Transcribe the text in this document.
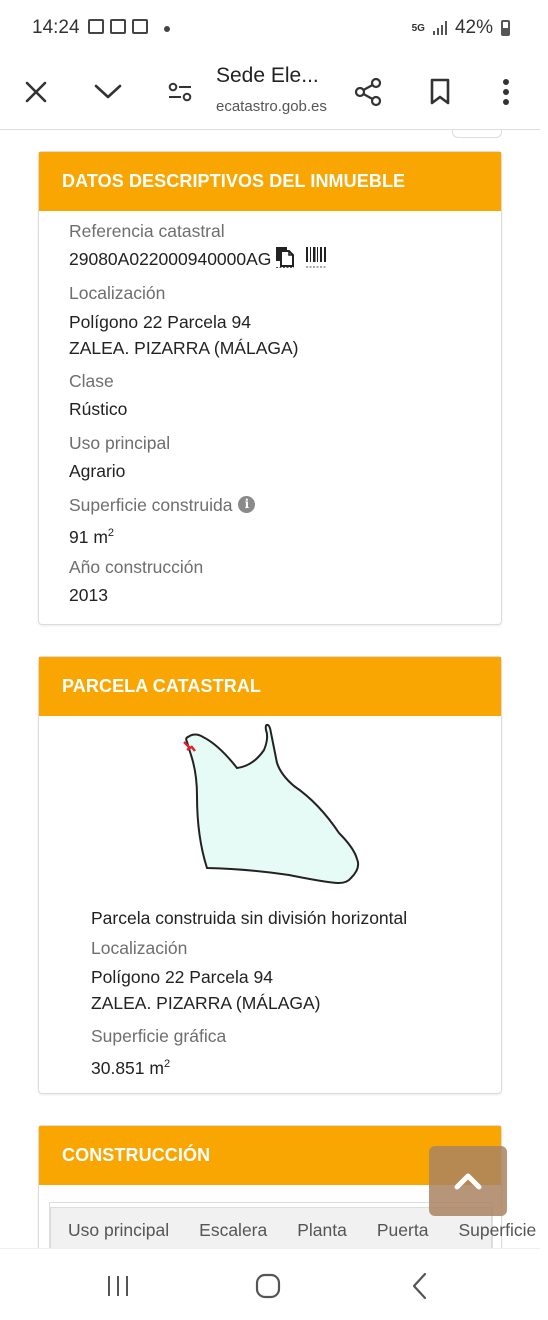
14:24	5G 42%
Sede Ele...
ecatastro.gob.es
DATOS DESCRIPTIVOS DEL INMUEBLE
Referencia catastral
29080A022000940000AG
Localización
Polígono 22 Parcela 94
ZALEA. PIZARRA (MÁLAGA)
Clase
Rústico
Uso principal
Agrario
Superficie construida i
91 $m^2$
Año construcción
2013
PARCELA CATASTRAL
Parcela construida sin división horizontal
Localización
Polígono 22 Parcela 94
ZALEA. PIZARRA (MÁLAGA)
Superficie gráfica
30.851 $m^2$
CONSTRUCCIÓN
Uso principal	Escalera	Planta	Puerta	Superficie
